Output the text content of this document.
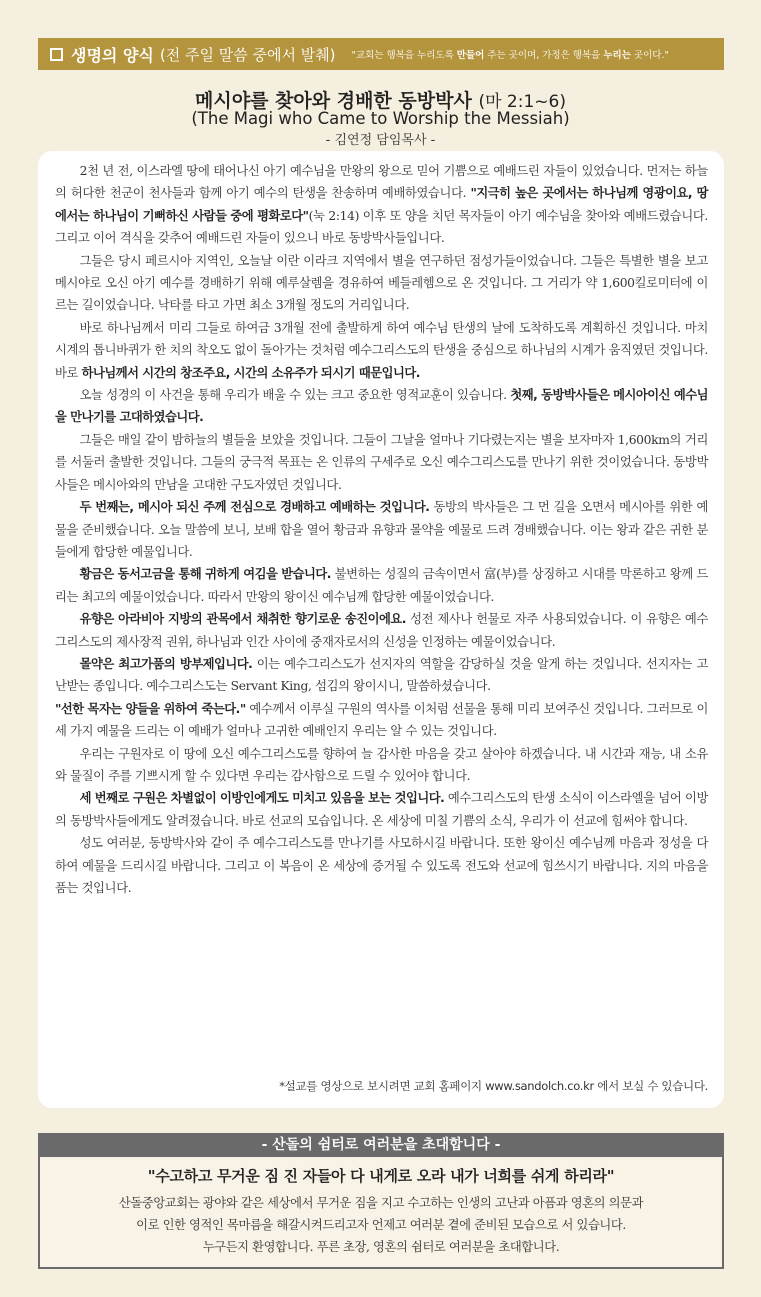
생명의 양식 (전 주일 말씀 중에서 발췌) "교회는 행복을 누리도록 만들어 주는 곳이며, 가정은 행복을 누리는 곳이다."
메시야를 찾아와 경배한 동방박사 (마 2:1~6)
(The Magi who Came to Worship the Messiah)
- 김연정 담임목사 -

2천 년 전, 이스라엘 땅에 태어나신 아기 예수님을 만왕의 왕으로 믿어 기쁨으로 예배드린 자들이 있었습니다. 먼저는 하늘의 허다한 천군이 천사들과 함께 아기 예수의 탄생을 찬송하며 예배하였습니다. "지극히 높은 곳에서는 하나님께 영광이요, 땅에서는 하나님이 기뻐하신 사람들 중에 평화로다"(눅 2:14) 이후 또 양을 치던 목자들이 아기 예수님을 찾아와 예배드렸습니다. 그리고 이어 격식을 갖추어 예배드린 자들이 있으니 바로 동방박사들입니다.

그들은 당시 페르시아 지역인, 오늘날 이란 이라크 지역에서 별을 연구하던 점성가들이었습니다. 그들은 특별한 별을 보고 메시야로 오신 아기 예수를 경배하기 위해 예루살렘을 경유하여 베들레헴으로 온 것입니다. 그 거리가 약 1,600킬로미터에 이르는 길이었습니다. 낙타를 타고 가면 최소 3개월 정도의 거리입니다.

바로 하나님께서 미리 그들로 하여금 3개월 전에 출발하게 하여 예수님 탄생의 날에 도착하도록 계획하신 것입니다. 마치 시계의 톱니바퀴가 한 치의 착오도 없이 돌아가는 것처럼 예수그리스도의 탄생을 중심으로 하나님의 시계가 움직였던 것입니다. 바로 하나님께서 시간의 창조주요, 시간의 소유주가 되시기 때문입니다.

오늘 성경의 이 사건을 통해 우리가 배울 수 있는 크고 중요한 영적교훈이 있습니다. 첫째, 동방박사들은 메시아이신 예수님을 만나기를 고대하였습니다.

그들은 매일 같이 밤하늘의 별들을 보았을 것입니다. 그들이 그날을 얼마나 기다렸는지는 별을 보자마자 1,600km의 거리를 서둘러 출발한 것입니다. 그들의 궁극적 목표는 온 인류의 구세주로 오신 예수그리스도를 만나기 위한 것이었습니다. 동방박사들은 메시아와의 만남을 고대한 구도자였던 것입니다.

두 번째는, 메시아 되신 주께 전심으로 경배하고 예배하는 것입니다. 동방의 박사들은 그 먼 길을 오면서 메시아를 위한 예물을 준비했습니다. 오늘 말씀에 보니, 보배 합을 열어 황금과 유향과 몰약을 예물로 드려 경배했습니다. 이는 왕과 같은 귀한 분들에게 합당한 예물입니다.

황금은 동서고금을 통해 귀하게 여김을 받습니다. 불변하는 성질의 금속이면서 富(부)를 상징하고 시대를 막론하고 왕께 드리는 최고의 예물이었습니다. 따라서 만왕의 왕이신 예수님께 합당한 예물이었습니다.

유향은 아라비아 지방의 관목에서 채취한 향기로운 송진이에요. 성전 제사나 헌물로 자주 사용되었습니다. 이 유향은 예수그리스도의 제사장적 권위, 하나님과 인간 사이에 중재자로서의 신성을 인정하는 예물이었습니다.

몰약은 최고가품의 방부제입니다. 이는 예수그리스도가 선지자의 역할을 감당하실 것을 알게 하는 것입니다. 선지자는 고난받는 종입니다. 예수그리스도는 Servant King, 섬김의 왕이시니, 말씀하셨습니다.

"선한 목자는 양들을 위하여 죽는다." 예수께서 이루실 구원의 역사를 이처럼 선물을 통해 미리 보여주신 것입니다. 그러므로 이 세 가지 예물을 드리는 이 예배가 얼마나 고귀한 예배인지 우리는 알 수 있는 것입니다.

우리는 구원자로 이 땅에 오신 예수그리스도를 향하여 늘 감사한 마음을 갖고 살아야 하겠습니다. 내 시간과 재능, 내 소유와 물질이 주를 기쁘시게 할 수 있다면 우리는 감사함으로 드릴 수 있어야 합니다.

세 번째로 구원은 차별없이 이방인에게도 미치고 있음을 보는 것입니다. 예수그리스도의 탄생 소식이 이스라엘을 넘어 이방의 동방박사들에게도 알려졌습니다. 바로 선교의 모습입니다. 온 세상에 미칠 기쁨의 소식, 우리가 이 선교에 힘써야 합니다.

성도 여러분, 동방박사와 같이 주 예수그리스도를 만나기를 사모하시길 바랍니다. 또한 왕이신 예수님께 마음과 정성을 다하여 예물을 드리시길 바랍니다. 그리고 이 복음이 온 세상에 증거될 수 있도록 전도와 선교에 힘쓰시기 바랍니다. 지의 마음을 품는 것입니다.

*설교를 영상으로 보시려면 교회 홈페이지 www.sandolch.co.kr 에서 보실 수 있습니다.
- 산돌의 쉼터로 여러분을 초대합니다 -
"수고하고 무거운 짐 진 자들아 다 내게로 오라 내가 너희를 쉬게 하리라"
산돌중앙교회는 광야와 같은 세상에서 무거운 짐을 지고 수고하는 인생의 고난과 아픔과 영혼의 의문과
이로 인한 영적인 목마름을 해갈시켜드리고자 언제고 여러분 곁에 준비된 모습으로 서 있습니다.
누구든지 환영합니다. 푸른 초장, 영혼의 쉼터로 여러분을 초대합니다.
